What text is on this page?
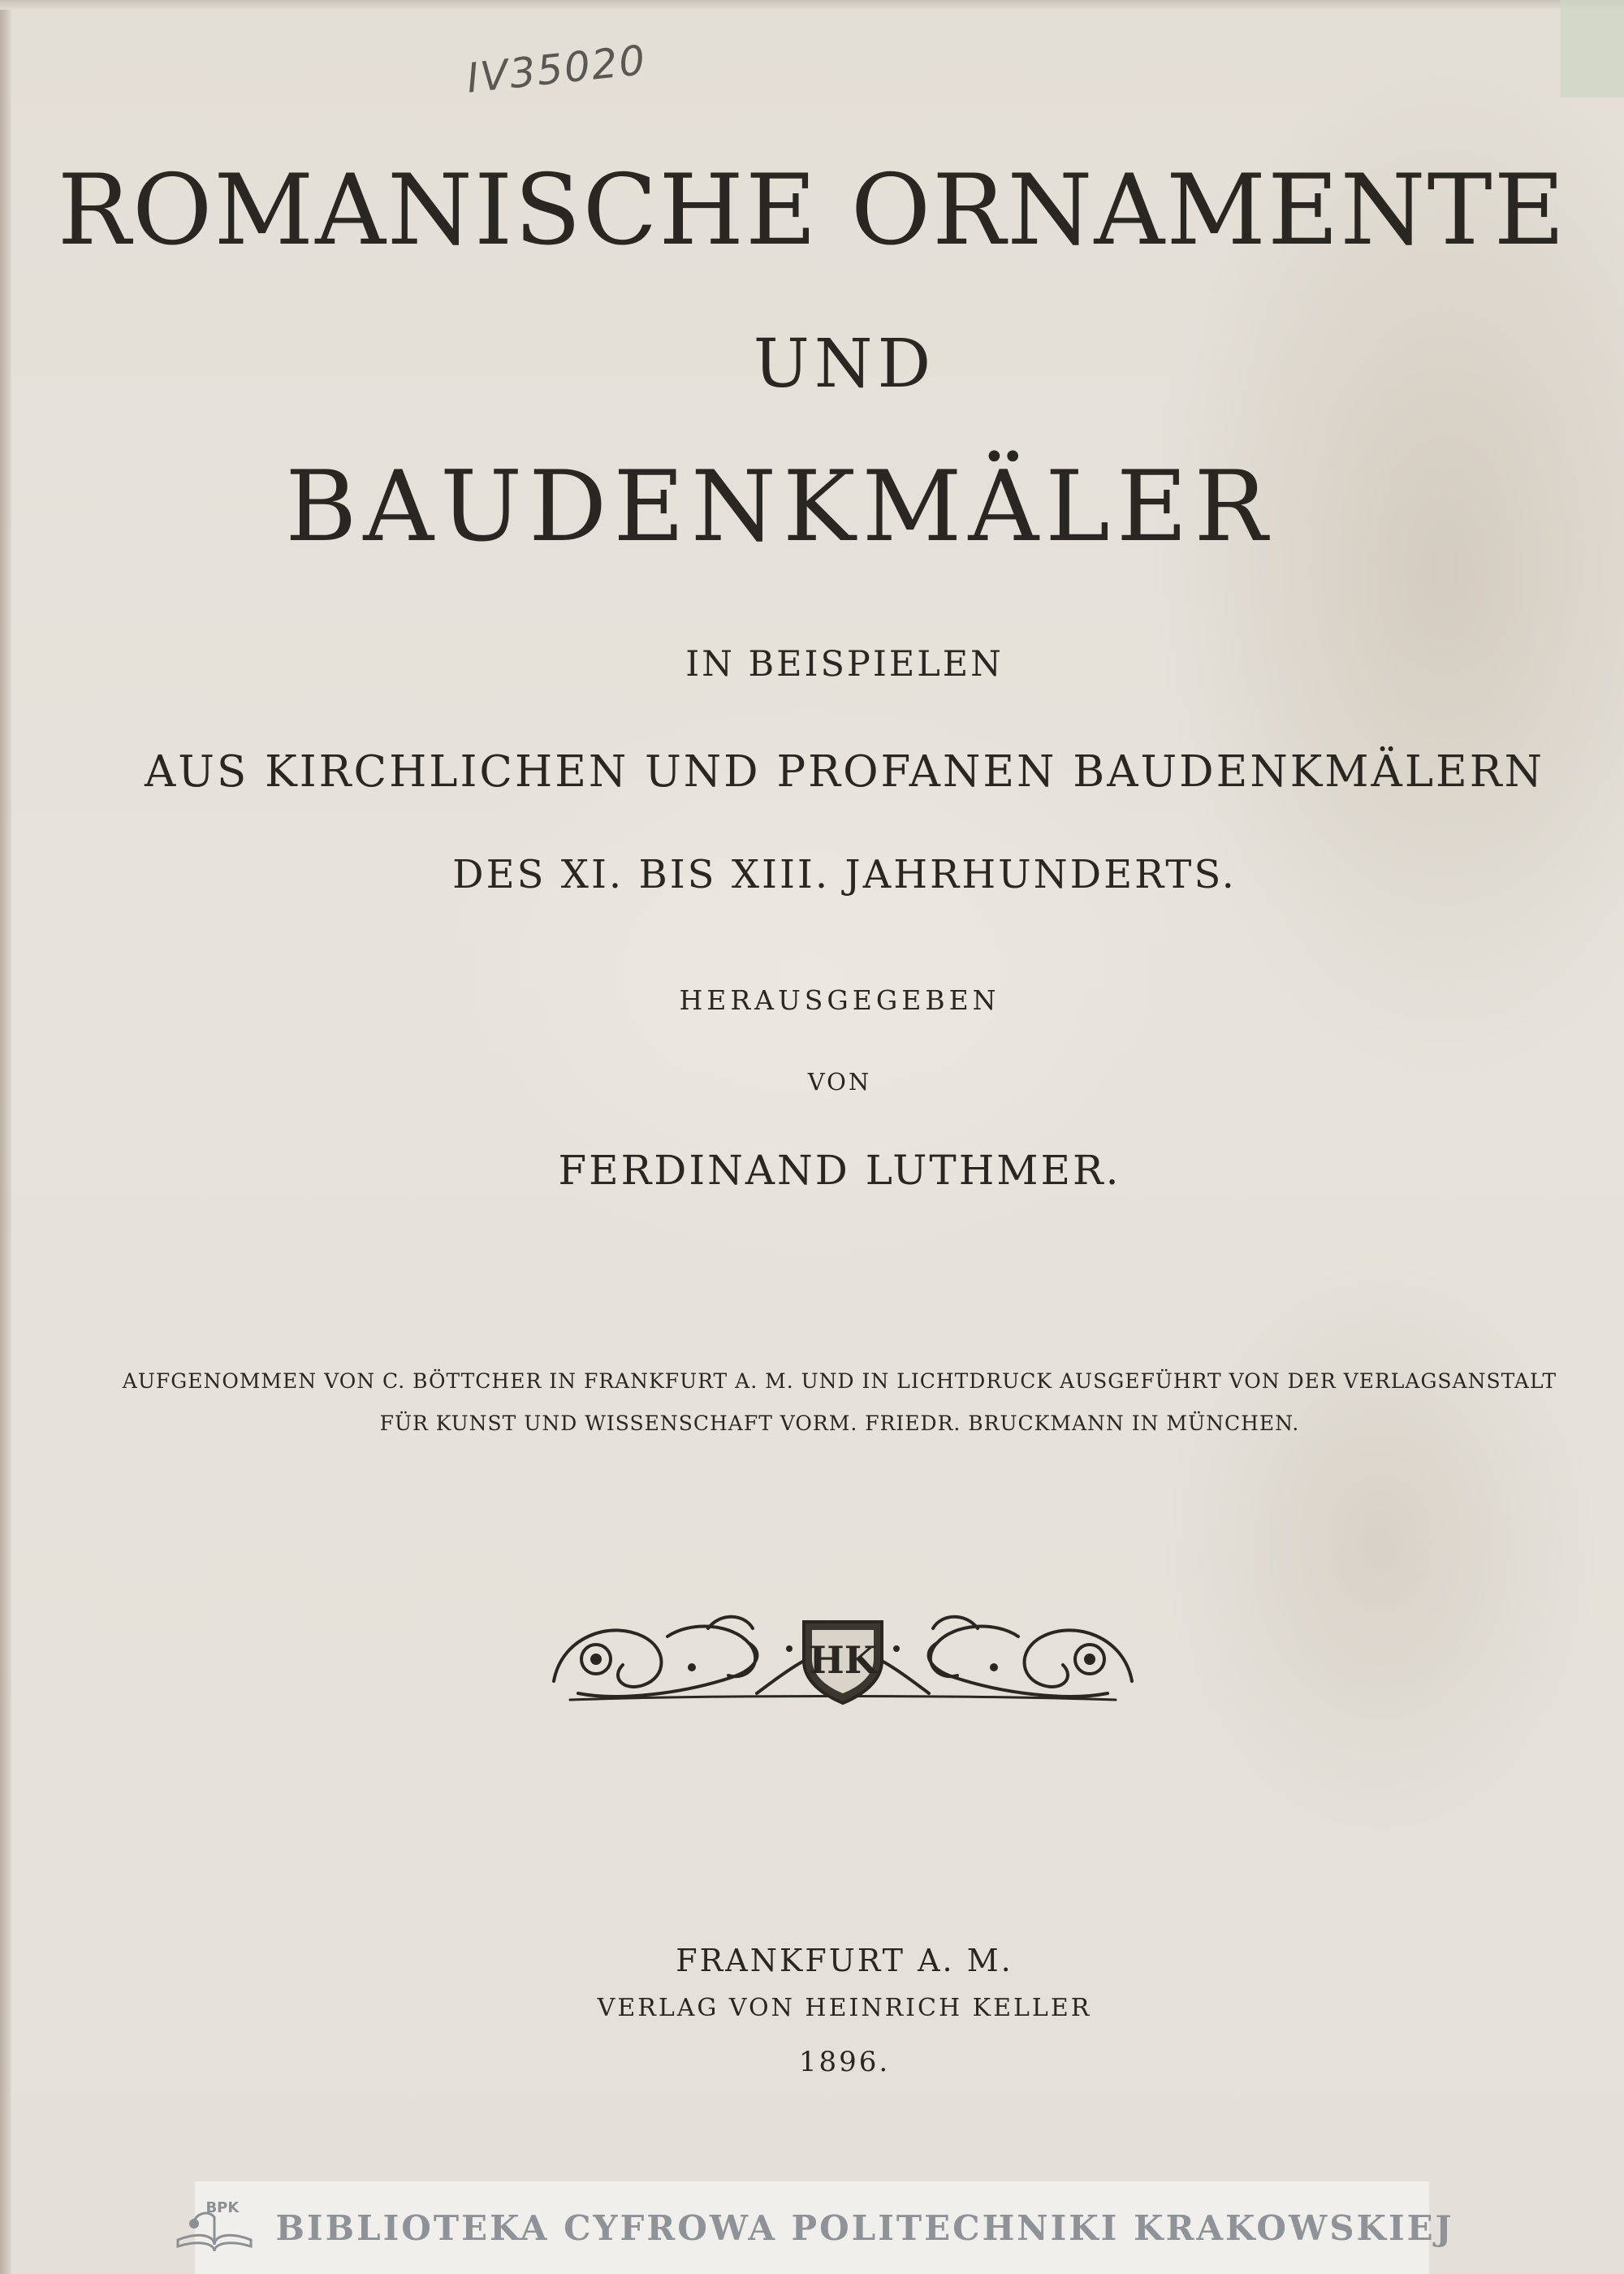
IV35020
ROMANISCHE ORNAMENTE
UND
BAUDENKMÄLER
IN BEISPIELEN
AUS KIRCHLICHEN UND PROFANEN BAUDENKMÄLERN
DES XI. BIS XIII. JAHRHUNDERTS.
HERAUSGEGEBEN
VON
FERDINAND LUTHMER.
AUFGENOMMEN VON C. BÖTTCHER IN FRANKFURT A. M. UND IN LICHTDRUCK AUSGEFÜHRT VON DER VERLAGSANSTALT
FÜR KUNST UND WISSENSCHAFT VORM. FRIEDR. BRUCKMANN IN MÜNCHEN.
HK
FRANKFURT A. M.
VERLAG VON HEINRICH KELLER
1896.
BPK BIBLIOTEKA CYFROWA POLITECHNIKI KRAKOWSKIEJ
